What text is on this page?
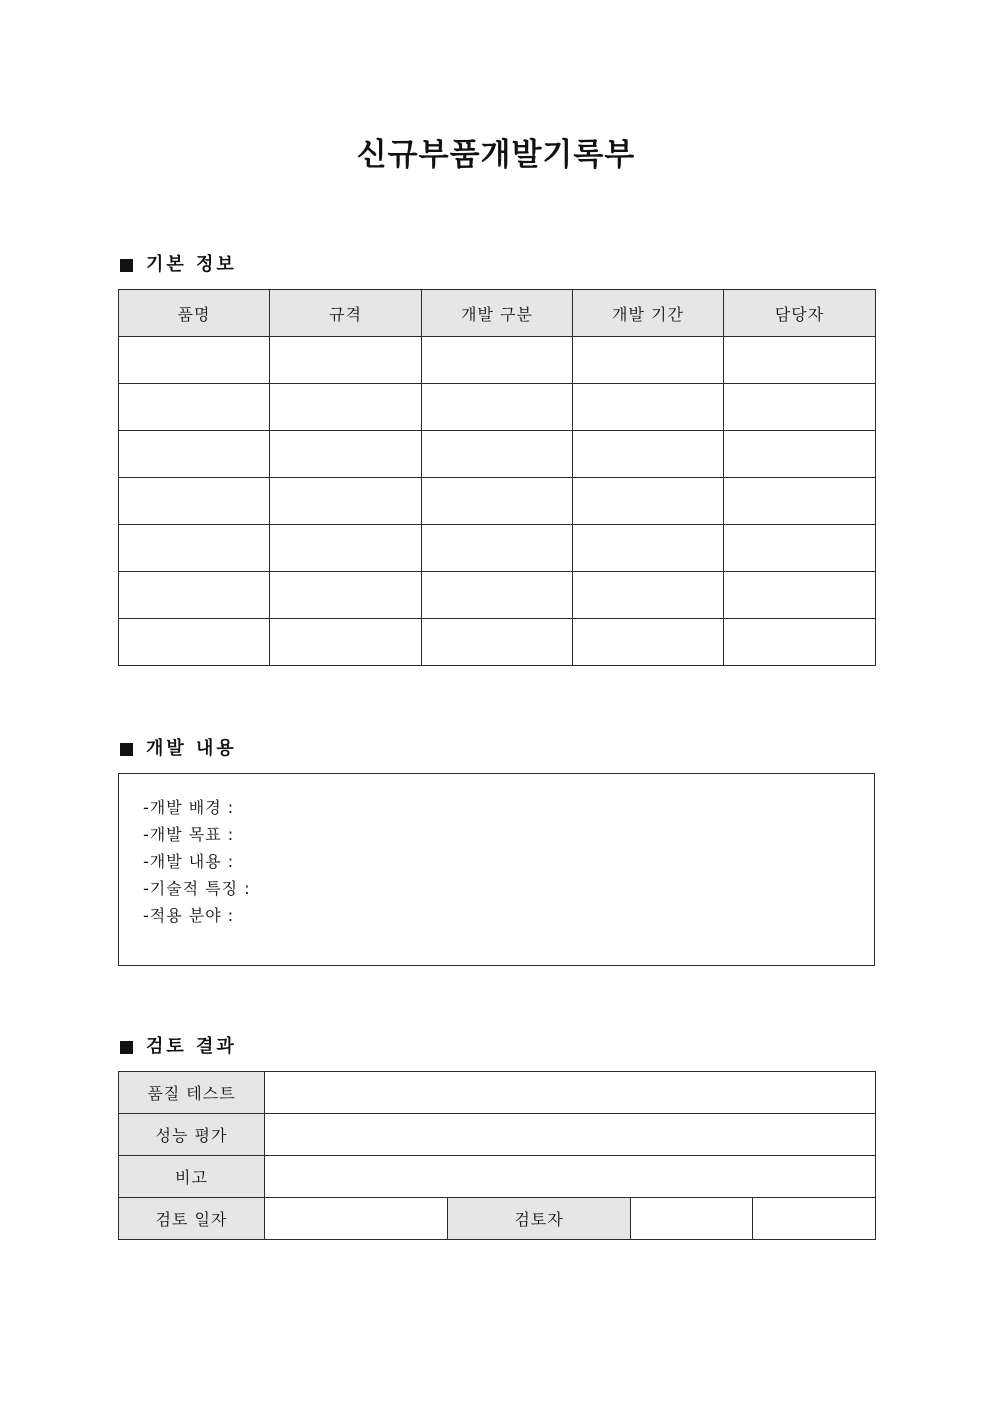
신규부품개발기록부
기본 정보
품명	규격	개발 구분	개발 기간	담당자

개발 내용
-개발 배경 :
-개발 목표 :
-개발 내용 :
-기술적 특징 :
-적용 분야 :
검토 결과
품질 테스트				
성능 평가				
비고				
검토 일자		검토자		
